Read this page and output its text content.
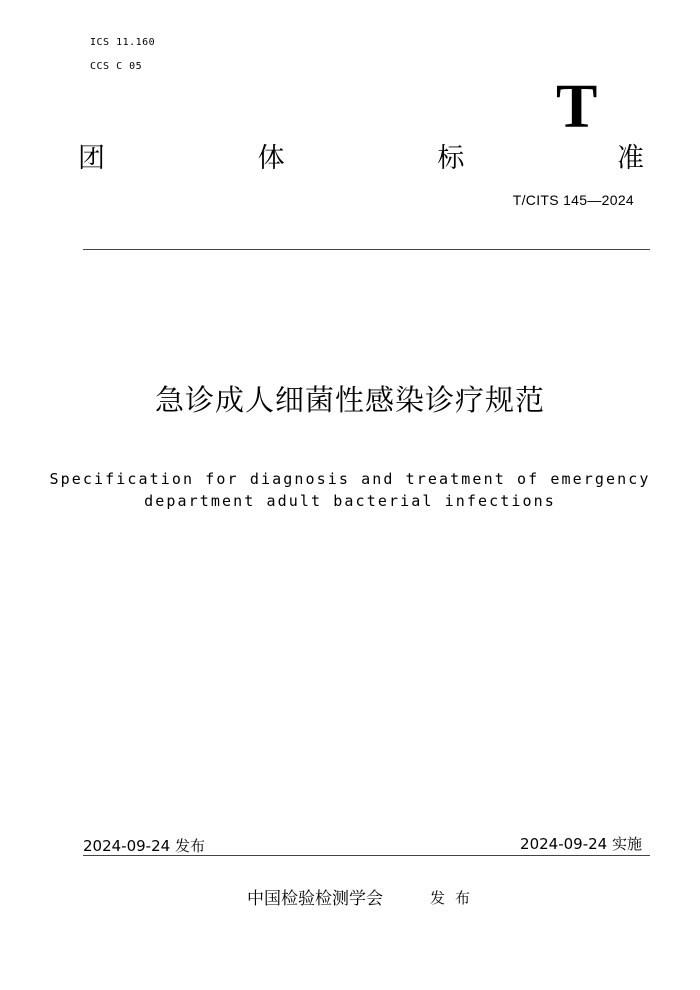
ICS 11.160
CCS C 05
T
团	体	标	准
T/CITS 145—2024
急诊成人细菌性感染诊疗规范
Specification for diagnosis and treatment of emergency
department adult bacterial infections
2024-09-24 发布	2024-09-24 实施
中国检验检测学会	发布
